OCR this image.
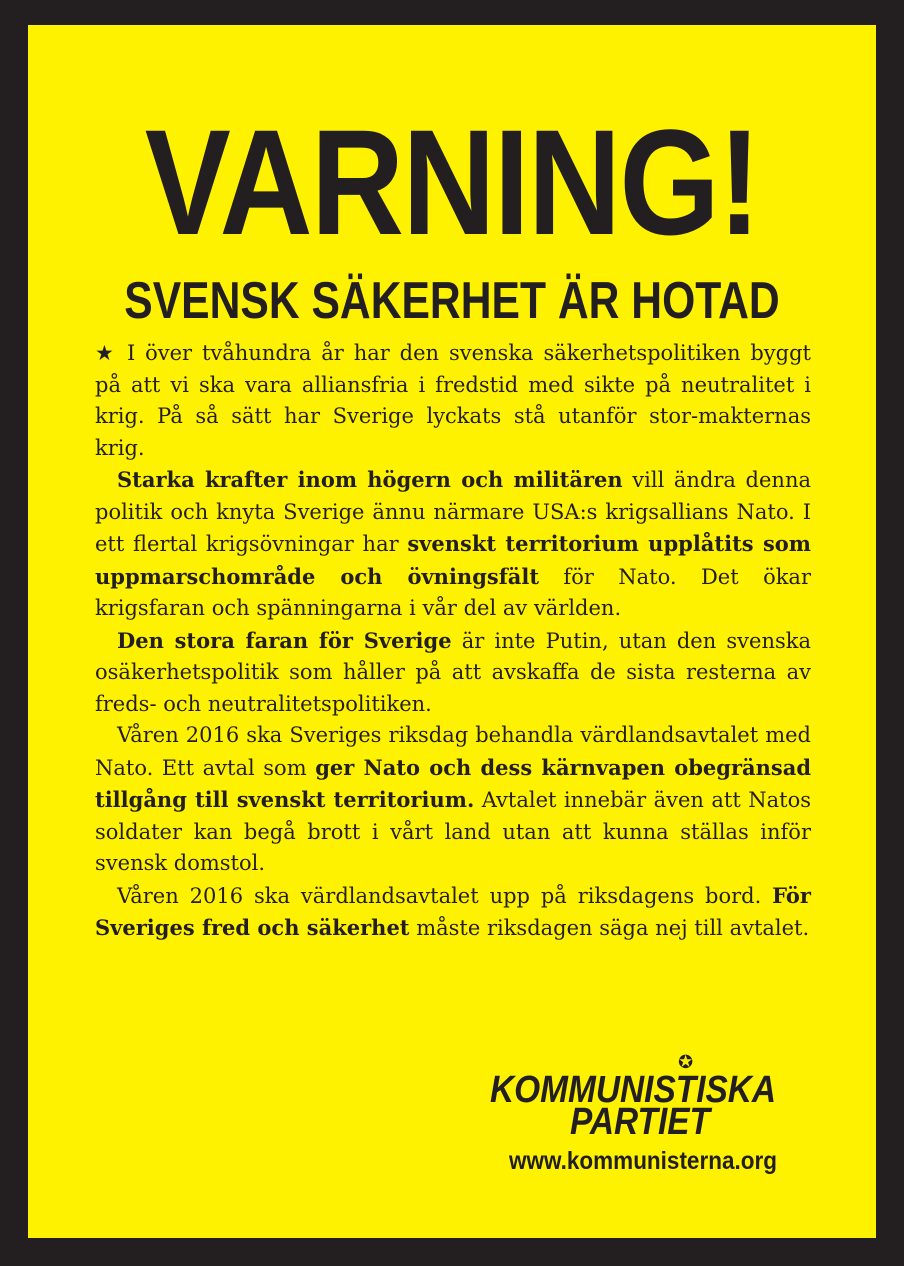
VARNING!
SVENSK SÄKERHET ÄR HOTAD

★ I över tvåhundra år har den svenska säkerhetspolitiken byggt på att vi ska vara alliansfria i fredstid med sikte på neutralitet i krig. På så sätt har Sverige lyckats stå utanför stor-makternas krig.

Starka krafter inom högern och militären vill ändra denna politik och knyta Sverige ännu närmare USA:s krigsallians Nato. I ett flertal krigsövningar har svenskt territorium upplåtits som uppmarschområde och övningsfält för Nato. Det ökar krigsfaran och spänningarna i vår del av världen.

Den stora faran för Sverige är inte Putin, utan den svenska osäkerhetspolitik som håller på att avskaffa de sista resterna av freds- och neutralitetspolitiken.

Våren 2016 ska Sveriges riksdag behandla värdlandsavtalet med Nato. Ett avtal som ger Nato och dess kärnvapen obegränsad tillgång till svenskt territorium. Avtalet innebär även att Natos soldater kan begå brott i vårt land utan att kunna ställas inför svensk domstol.

Våren 2016 ska värdlandsavtalet upp på riksdagens bord. För Sveriges fred och säkerhet måste riksdagen säga nej till avtalet.

✪
KOMMUNISTISKA
PARTIET
www.kommunisterna.org
